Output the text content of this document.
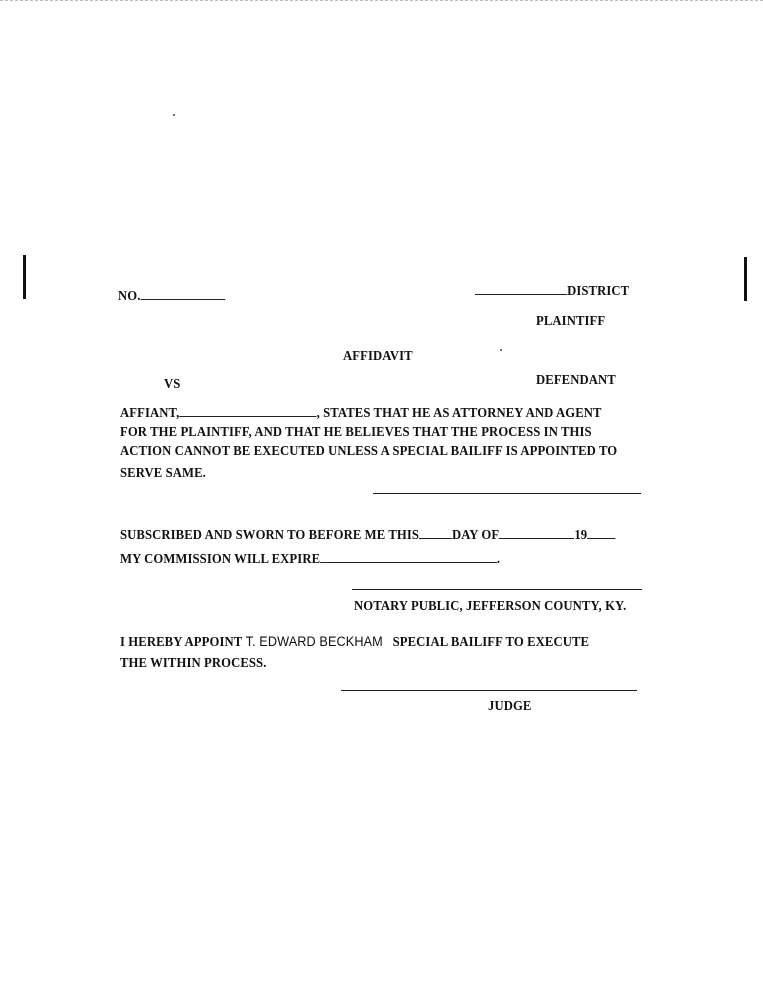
NO.	DISTRICT
PLAINTIFF
AFFIDAVIT
VS	DEFENDANT
AFFIANT,	, STATES THAT HE AS ATTORNEY AND AGENT
FOR THE PLAINTIFF, AND THAT HE BELIEVES THAT THE PROCESS IN THIS
ACTION CANNOT BE EXECUTED UNLESS A SPECIAL BAILIFF IS APPOINTED TO
SERVE SAME.
SUBSCRIBED AND SWORN TO BEFORE ME THIS DAY OF	19
MY COMMISSION WILL EXPIRE	.
NOTARY PUBLIC, JEFFERSON COUNTY, KY.
I HEREBY APPOINT T. EDWARD BECKHAM SPECIAL BAILIFF TO EXECUTE
THE WITHIN PROCESS.
JUDGE
